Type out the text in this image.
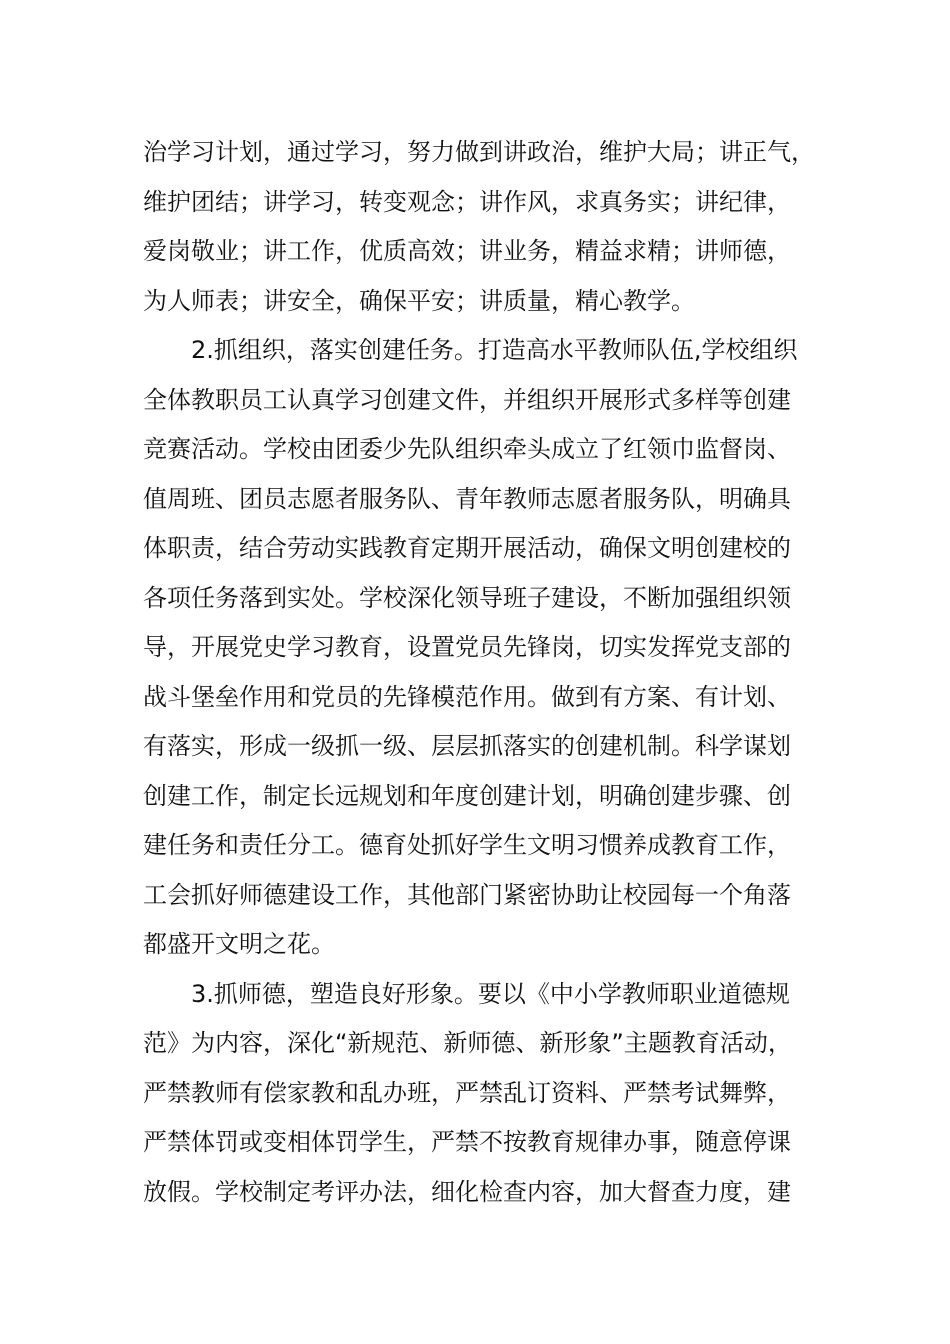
治学习计划，通过学习，努力做到讲政治，维护大局；讲正气，
维护团结；讲学习，转变观念；讲作风，求真务实；讲纪律，
爱岗敬业；讲工作，优质高效；讲业务，精益求精；讲师德，
为人师表；讲安全，确保平安；讲质量，精心教学。
　　2.抓组织，落实创建任务。打造高水平教师队伍,学校组织
全体教职员工认真学习创建文件，并组织开展形式多样等创建
竞赛活动。学校由团委少先队组织牵头成立了红领巾监督岗、
值周班、团员志愿者服务队、青年教师志愿者服务队，明确具
体职责，结合劳动实践教育定期开展活动，确保文明创建校的
各项任务落到实处。学校深化领导班子建设，不断加强组织领
导，开展党史学习教育，设置党员先锋岗，切实发挥党支部的
战斗堡垒作用和党员的先锋模范作用。做到有方案、有计划、
有落实，形成一级抓一级、层层抓落实的创建机制。科学谋划
创建工作，制定长远规划和年度创建计划，明确创建步骤、创
建任务和责任分工。德育处抓好学生文明习惯养成教育工作，
工会抓好师德建设工作，其他部门紧密协助让校园每一个角落
都盛开文明之花。
　　3.抓师德，塑造良好形象。要以《中小学教师职业道德规
范》为内容，深化“新规范、新师德、新形象”主题教育活动，
严禁教师有偿家教和乱办班，严禁乱订资料、严禁考试舞弊，
严禁体罚或变相体罚学生，严禁不按教育规律办事，随意停课
放假。学校制定考评办法，细化检查内容，加大督查力度，建
